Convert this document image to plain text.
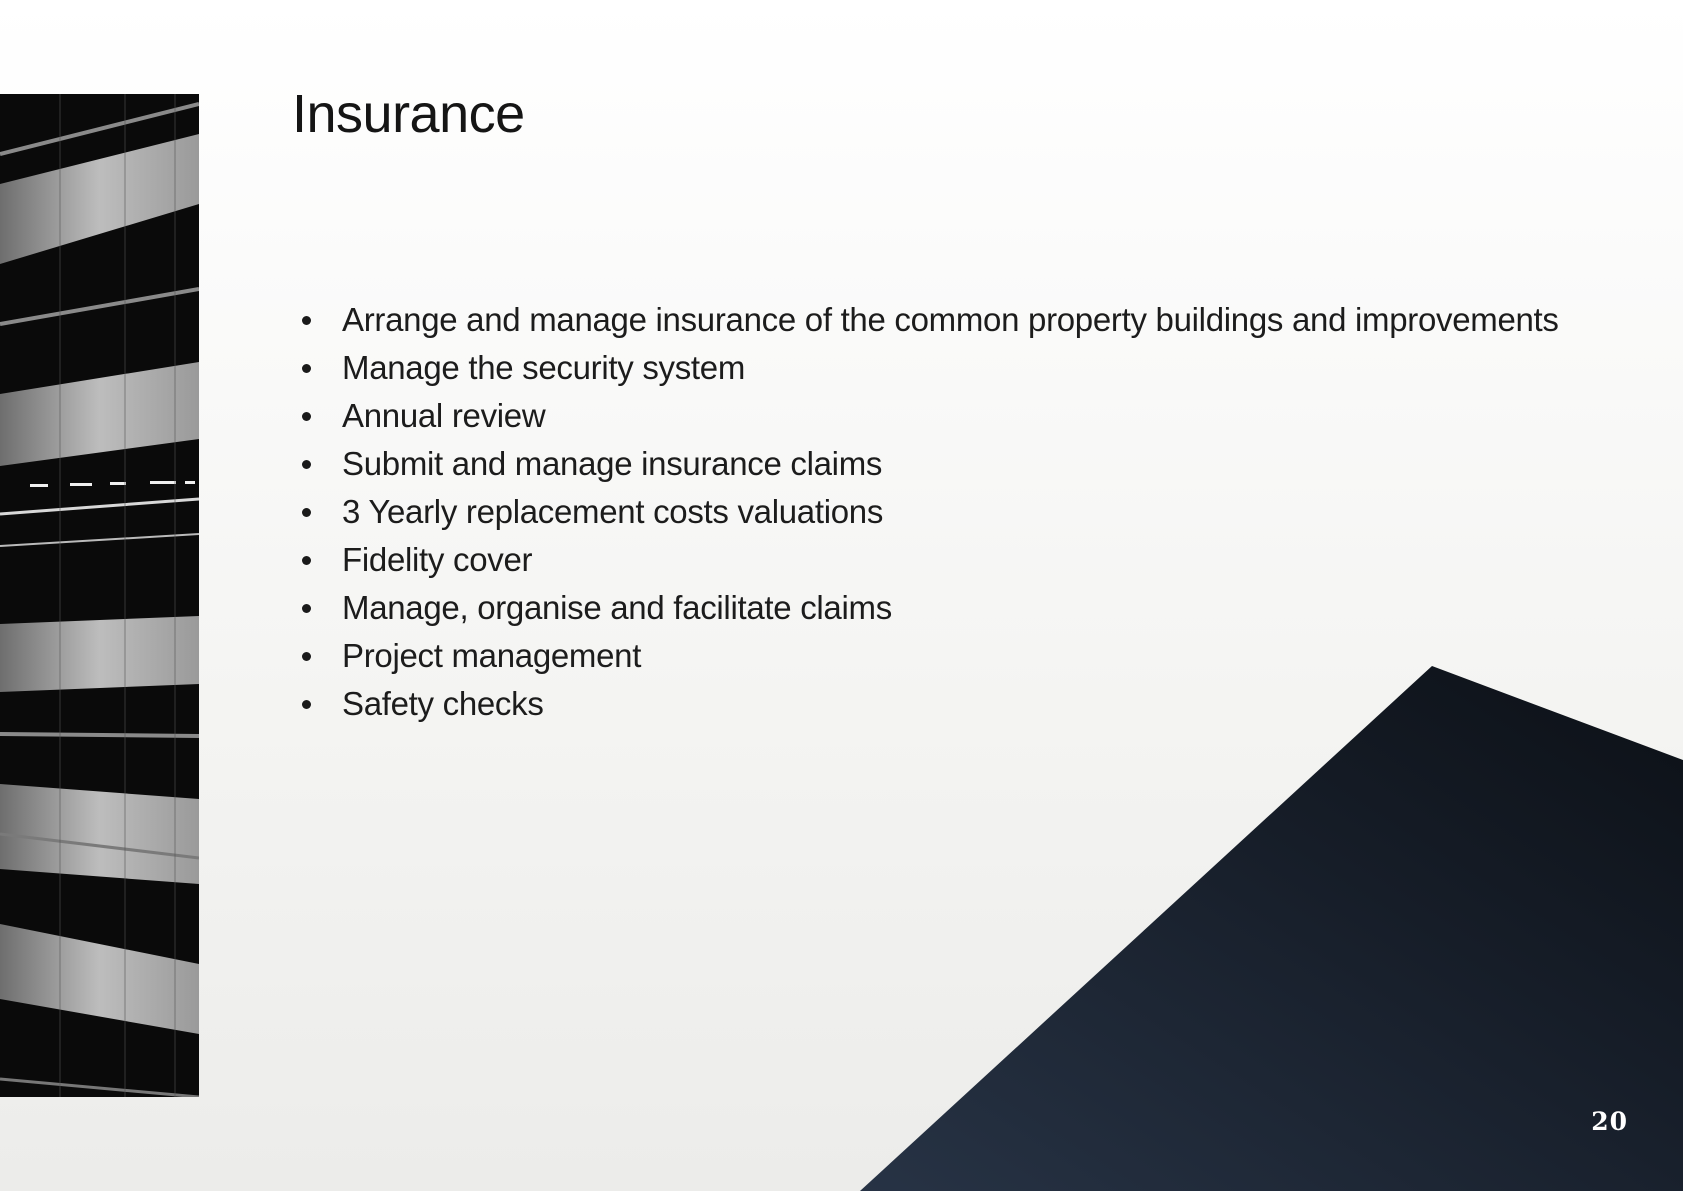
Insurance
Arrange and manage insurance of the common property buildings and improvements
Manage the security system
Annual review
Submit and manage insurance claims
3 Yearly replacement costs valuations
Fidelity cover
Manage, organise and facilitate claims
Project management
Safety checks
20
